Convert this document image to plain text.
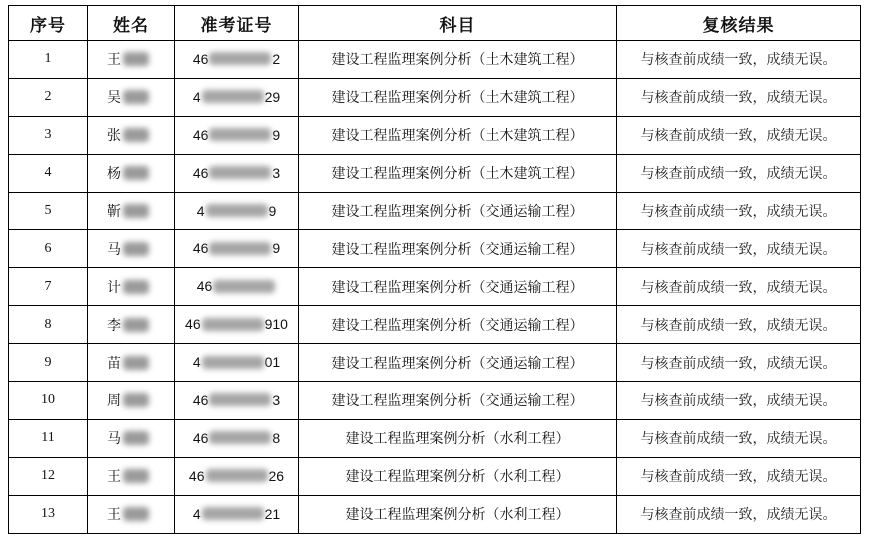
序号	姓名	准考证号	科目	复核结果
1	王	46 2	建设工程监理案例分析（土木建筑工程）	与核查前成绩一致，成绩无误。
2	吴	4 29	建设工程监理案例分析（土木建筑工程）	与核查前成绩一致，成绩无误。
3	张	46 9	建设工程监理案例分析（土木建筑工程）	与核查前成绩一致，成绩无误。
4	杨	46 3	建设工程监理案例分析（土木建筑工程）	与核查前成绩一致，成绩无误。
5	靳	4 9	建设工程监理案例分析（交通运输工程）	与核查前成绩一致，成绩无误。
6	马	46 9	建设工程监理案例分析（交通运输工程）	与核查前成绩一致，成绩无误。
7	计	46	建设工程监理案例分析（交通运输工程）	与核查前成绩一致，成绩无误。
8	李	46 910	建设工程监理案例分析（交通运输工程）	与核查前成绩一致，成绩无误。
9	苗	4 01	建设工程监理案例分析（交通运输工程）	与核查前成绩一致，成绩无误。
10	周	46 3	建设工程监理案例分析（交通运输工程）	与核查前成绩一致，成绩无误。
11	马	46 8	建设工程监理案例分析（水利工程）	与核查前成绩一致，成绩无误。
12	王	46 26	建设工程监理案例分析（水利工程）	与核查前成绩一致，成绩无误。
13	王	4 21	建设工程监理案例分析（水利工程）	与核查前成绩一致，成绩无误。
